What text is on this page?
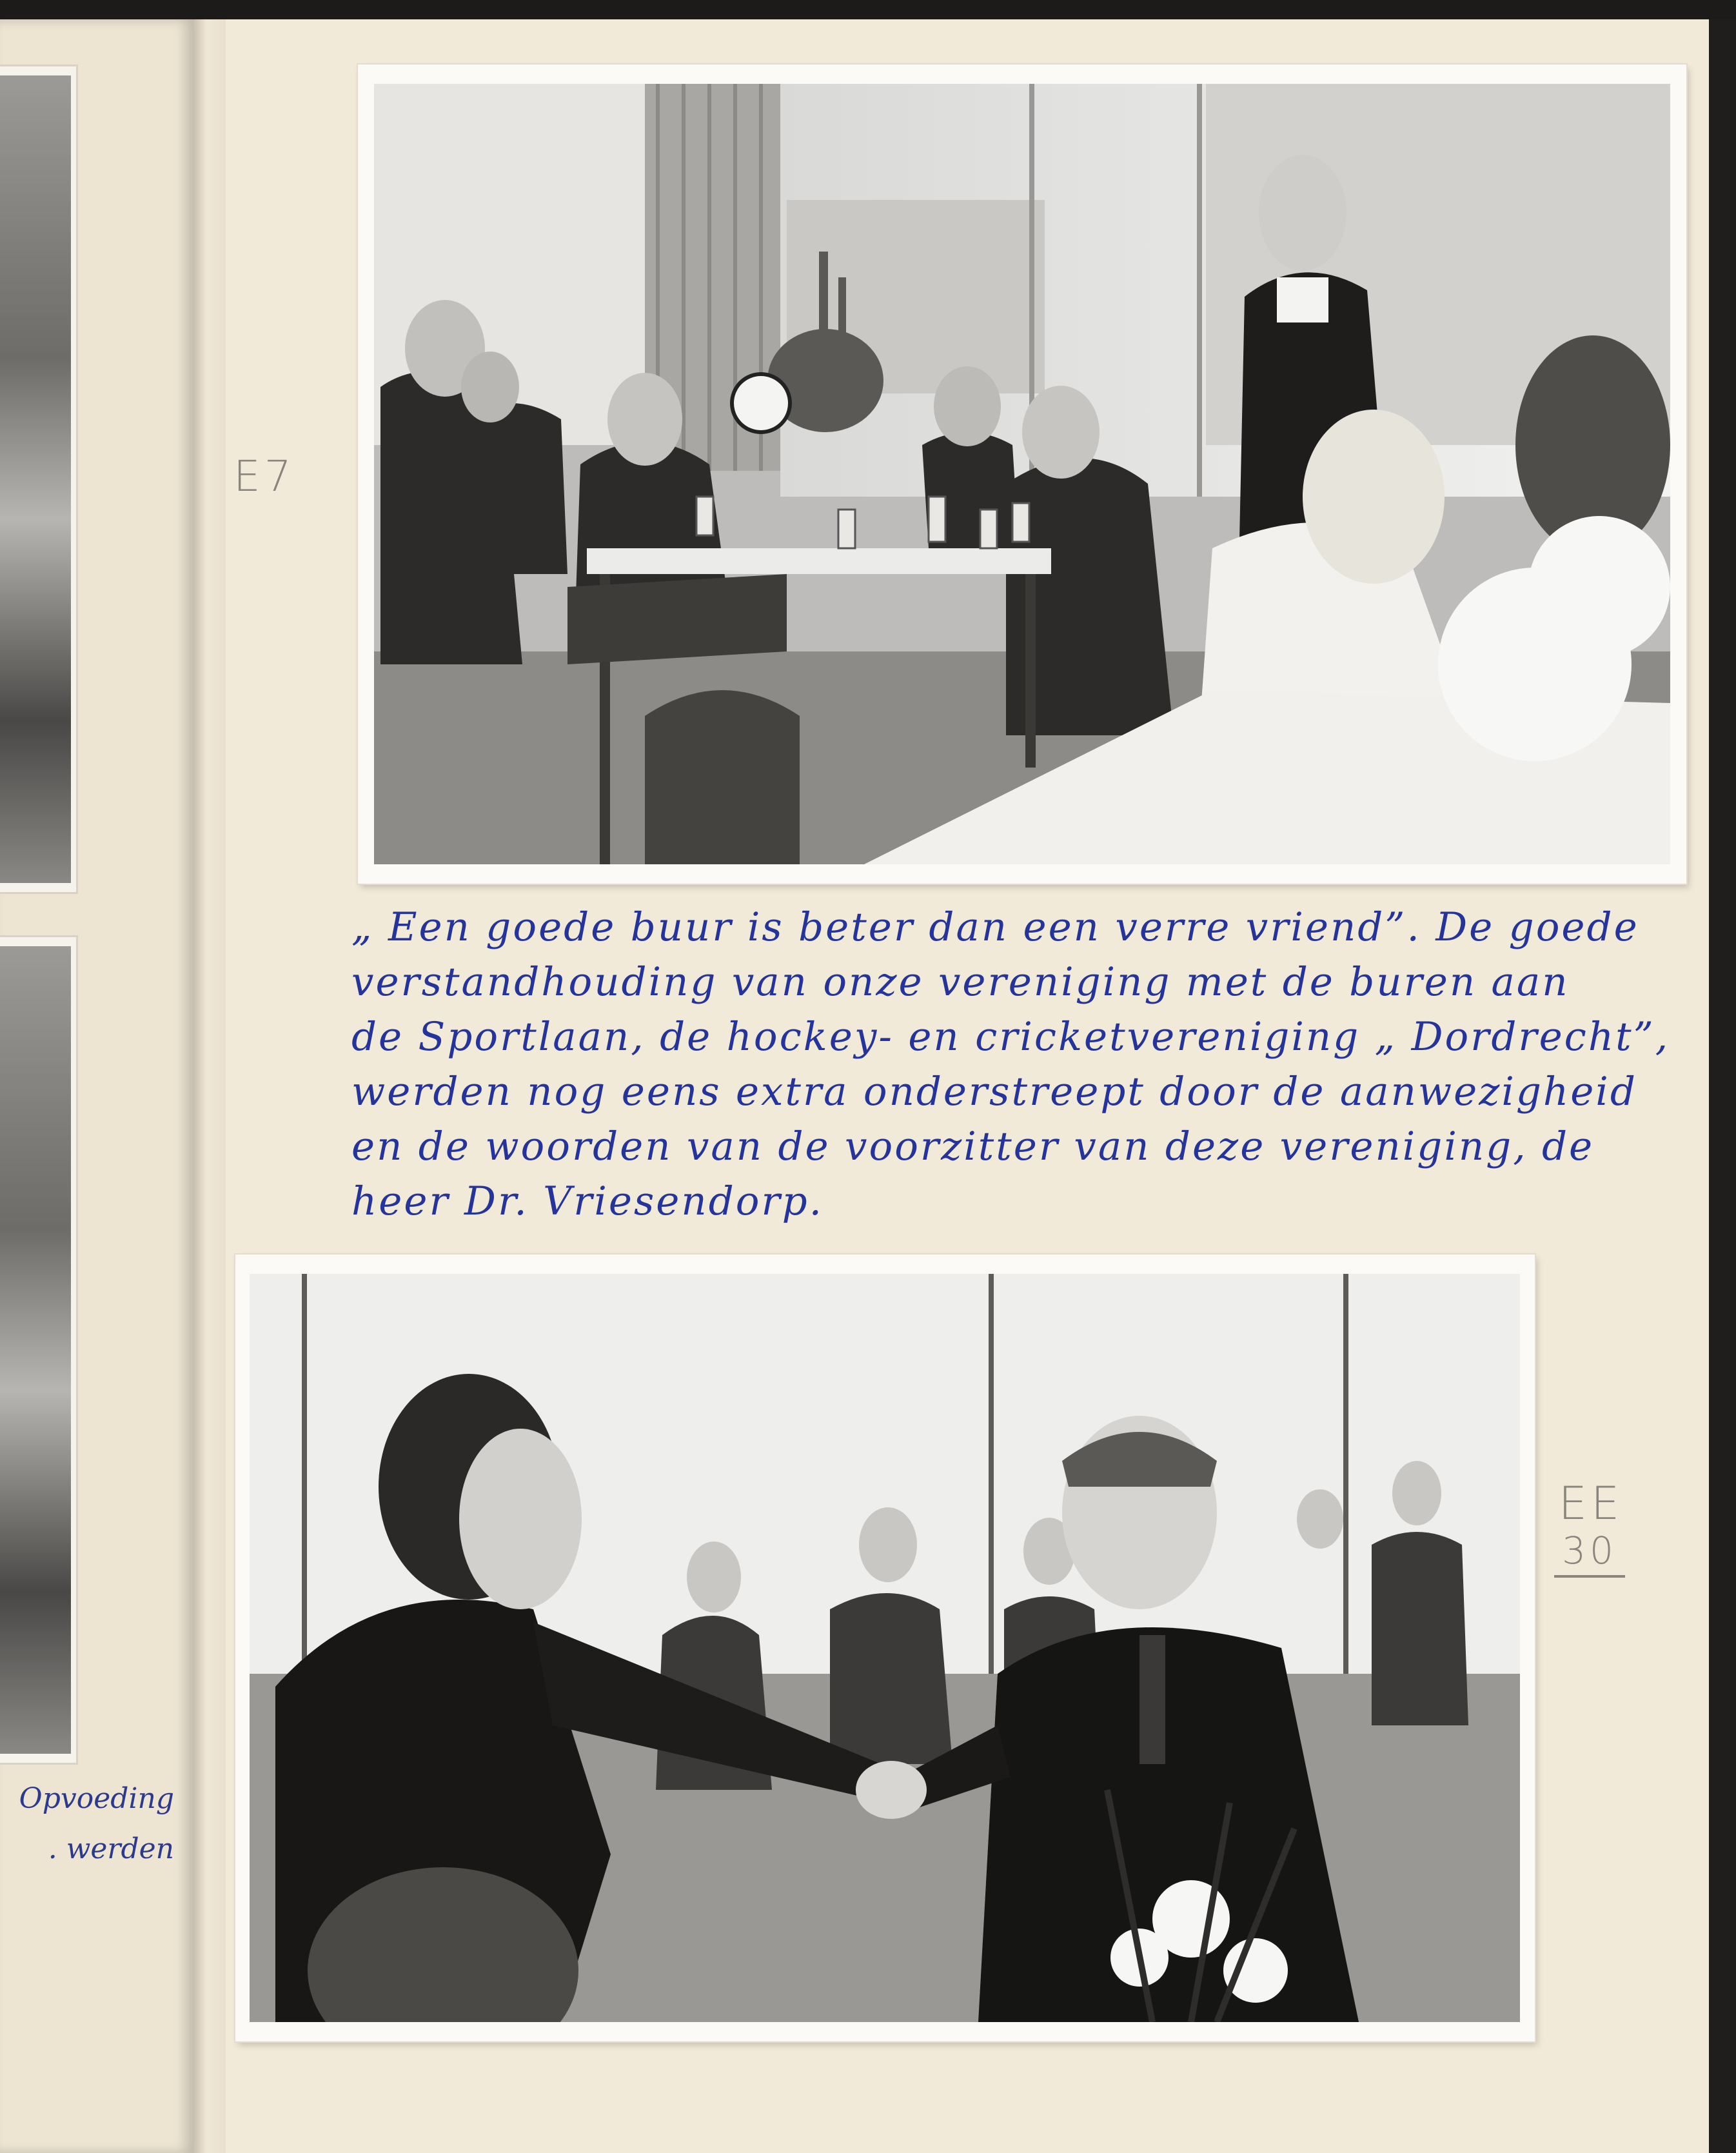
Opvoeding
. werden
E7
„ Een goede buur is beter dan een verre vriend”. De goede
verstandhouding van onze vereniging met de buren aan
de Sportlaan, de hockey- en cricketvereniging „ Dordrecht”,
werden nog eens extra onderstreept door de aanwezigheid
en de woorden van de voorzitter van deze vereniging, de
heer Dr. Vriesendorp.
EE
30
